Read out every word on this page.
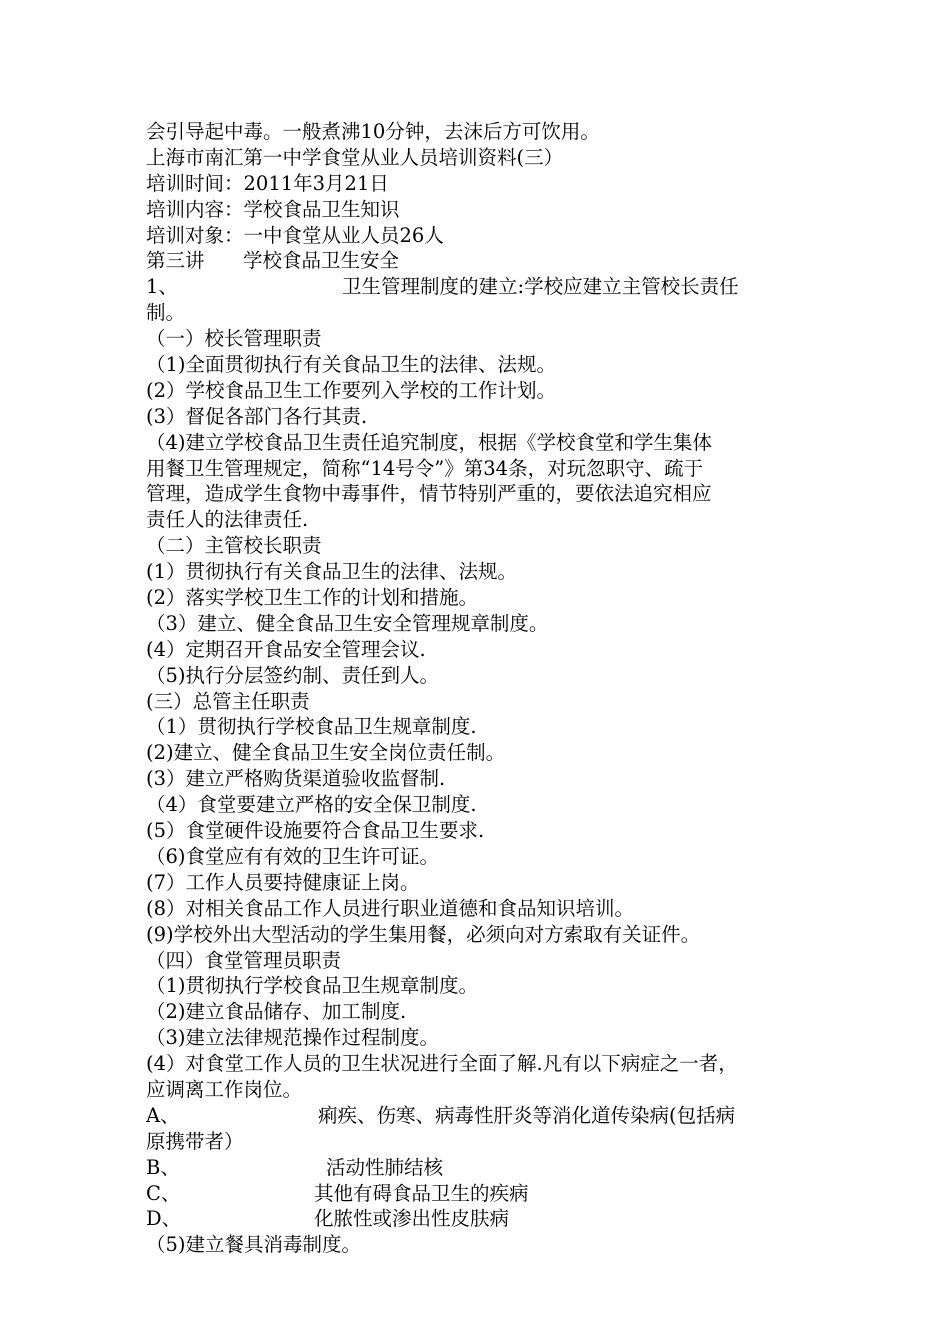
会引导起中毒。一般煮沸10分钟，去沫后方可饮用。
上海市南汇第一中学食堂从业人员培训资料(三）
培训时间：2011年3月21日
培训内容：学校食品卫生知识
培训对象：一中食堂从业人员26人
第三讲 学校食品卫生安全
1、	卫生管理制度的建立:学校应建立主管校长责任
制。
（一）校长管理职责
（1)全面贯彻执行有关食品卫生的法律、法规。
(2）学校食品卫生工作要列入学校的工作计划。
(3）督促各部门各行其责.
（4)建立学校食品卫生责任追究制度，根据《学校食堂和学生集体
用餐卫生管理规定，简称“14号令”》第34条，对玩忽职守、疏于
管理，造成学生食物中毒事件，情节特别严重的，要依法追究相应
责任人的法律责任.
（二）主管校长职责
(1）贯彻执行有关食品卫生的法律、法规。
(2）落实学校卫生工作的计划和措施。
（3）建立、健全食品卫生安全管理规章制度。
(4）定期召开食品安全管理会议.
（5)执行分层签约制、责任到人。
(三）总管主任职责
（1）贯彻执行学校食品卫生规章制度.
(2)建立、健全食品卫生安全岗位责任制。
(3）建立严格购货渠道验收监督制.
（4）食堂要建立严格的安全保卫制度.
(5）食堂硬件设施要符合食品卫生要求.
（6)食堂应有有效的卫生许可证。
(7）工作人员要持健康证上岗。
(8）对相关食品工作人员进行职业道德和食品知识培训。
(9)学校外出大型活动的学生集用餐，必须向对方索取有关证件。
（四）食堂管理员职责
（1)贯彻执行学校食品卫生规章制度。
（2)建立食品储存、加工制度.
（3)建立法律规范操作过程制度。
(4）对食堂工作人员的卫生状况进行全面了解.凡有以下病症之一者，
应调离工作岗位。
A、	痢疾、伤寒、病毒性肝炎等消化道传染病(包括病
原携带者）
B、	活动性肺结核
C、	其他有碍食品卫生的疾病
D、	化脓性或渗出性皮肤病
（5)建立餐具消毒制度。
